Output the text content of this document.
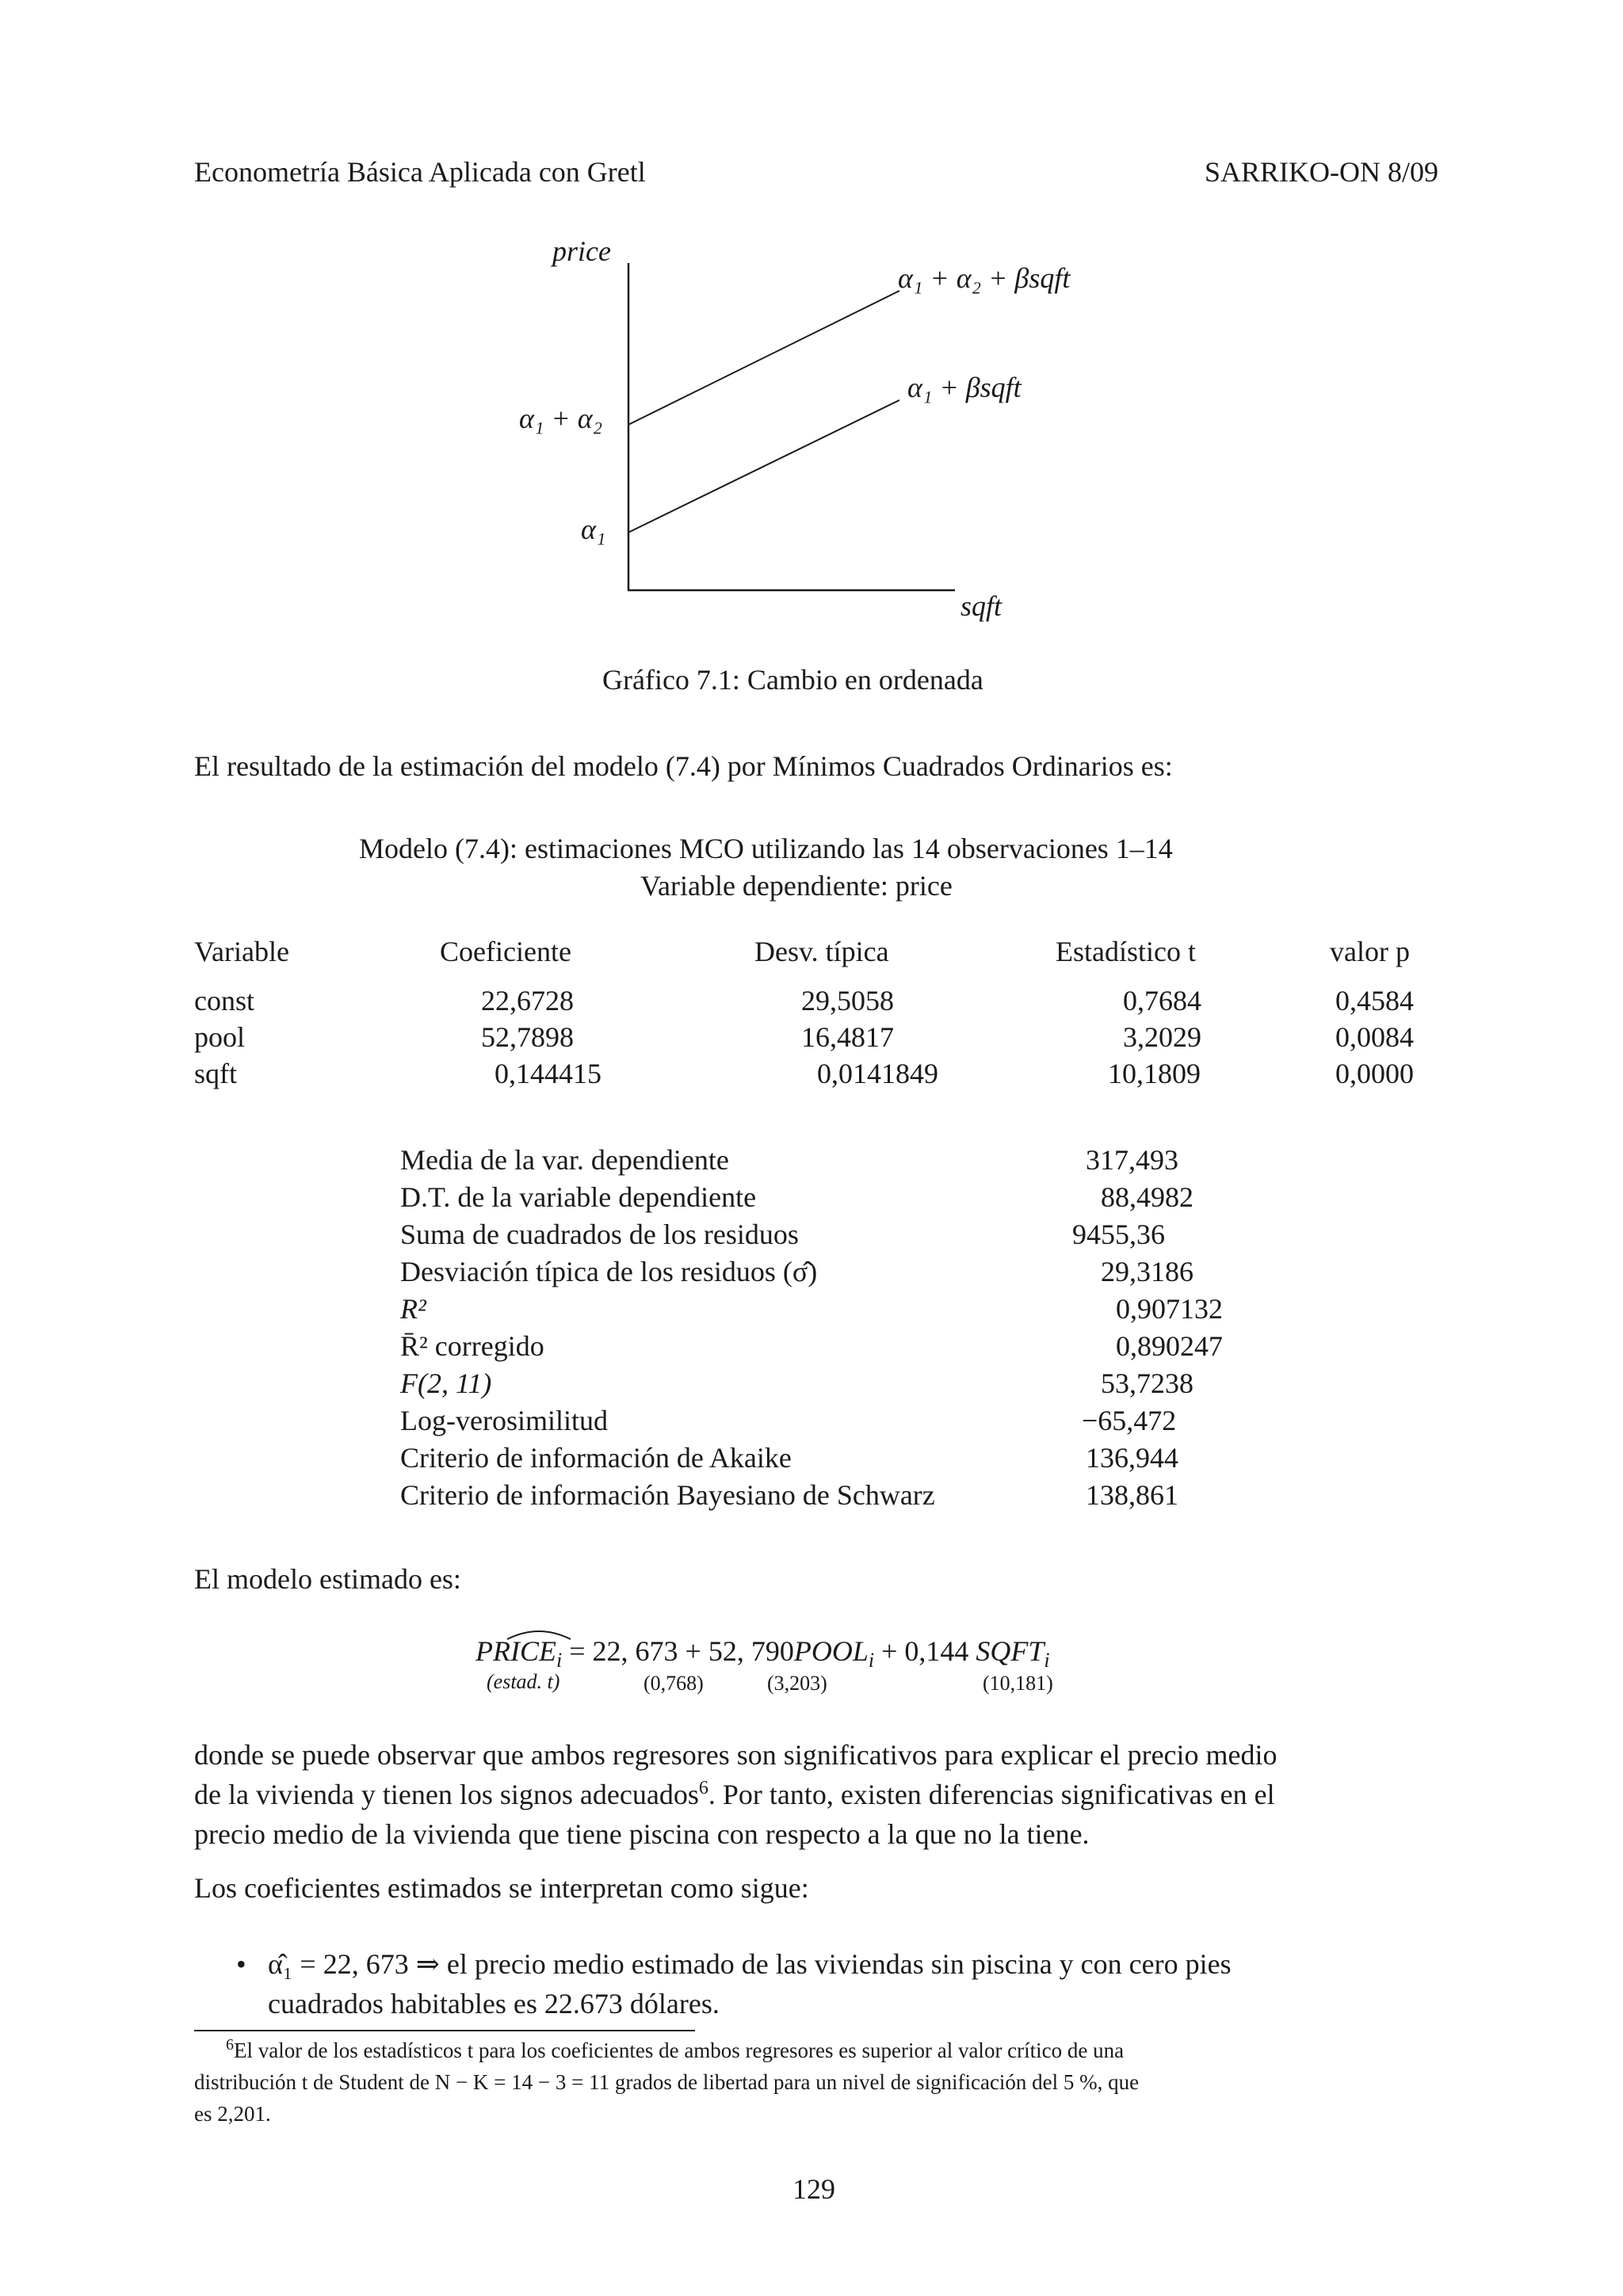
Econometría Básica Aplicada con Gretl	SARRIKO-ON 8/09
price
sqft
α₁ + α₂ + βsqft
α₁ + βsqft
α₁ + α₂
α₁
Gráfico 7.1: Cambio en ordenada
El resultado de la estimación del modelo (7.4) por Mínimos Cuadrados Ordinarios es:
Modelo (7.4): estimaciones MCO utilizando las 14 observaciones 1–14
Variable dependiente: price
Variable	Coeficiente	Desv. típica	Estadístico t	valor p
const	22,6728	29,5058	0,7684	0,4584
pool	52,7898	16,4817	3,2029	0,0084
sqft	0,144415	0,0141849	10,1809	0,0000
Media de la var. dependiente	317,493
D.T. de la variable dependiente	88,4982
Suma de cuadrados de los residuos	9455,36
Desviación típica de los residuos (σ̂)	29,3186
R²	0,907132
R̄² corregido	0,890247
F(2, 11)	53,7238
Log-verosimilitud	−65,472
Criterio de información de Akaike	136,944
Criterio de información Bayesiano de Schwarz	138,861
El modelo estimado es:
$PRICE_i = 22$, 673 + 52, $790POOL_i + 0,144$ $SQFT_i$
(estad. t)	(0,768)	(3,203)	(10,181)
donde se puede observar que ambos regresores son significativos para explicar el precio medio
de la vivienda y tienen los signos adecuados$^6$. Por tanto, existen diferencias significativas en el
precio medio de la vivienda que tiene piscina con respecto a la que no la tiene.
Los coeficientes estimados se interpretan como sigue:
• α̂₁ = 22, 673 ⇒ el precio medio estimado de las viviendas sin piscina y con cero pies
cuadrados habitables es 22.673 dólares.
$^6$El valor de los estadísticos t para los coeficientes de ambos regresores es superior al valor crítico de una
distribución t de Student de N − K = 14 − 3 = 11 grados de libertad para un nivel de significación del 5 %, que
es 2,201.
129
